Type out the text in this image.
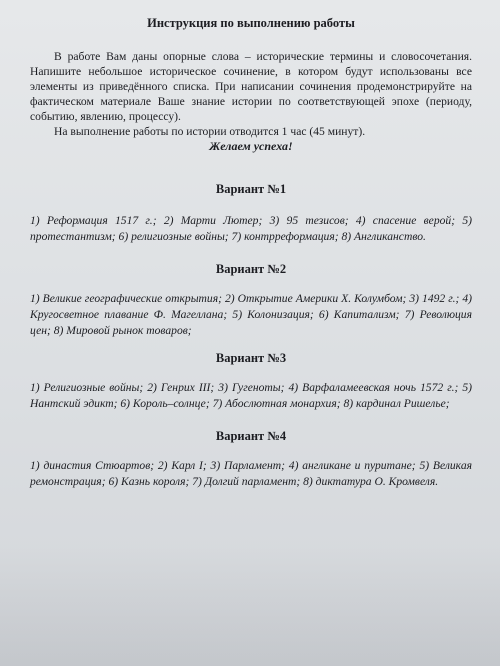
Инструкция по выполнению работы

В работе Вам даны опорные слова – исторические термины и словосочетания. Напишите небольшое историческое сочинение, в котором будут использованы все элементы из приведённого списка. При написании сочинения продемонстрируйте на фактическом материале Ваше знание истории по соответствующей эпохе (периоду, событию, явлению, процессу).

На выполнение работы по истории отводится 1 час (45 минут).

Желаем успеха!
Вариант №1

1) Реформация 1517 г.; 2) Марти Лютер; 3) 95 тезисов; 4) спасение верой; 5) протестантизм; 6) религиозные войны; 7) контрреформация; 8) Англиканство.

Вариант №2

1) Великие географические открытия; 2) Открытие Америки Х. Колумбом; 3) 1492 г.; 4) Кругосветное плавание Ф. Магеллана; 5) Колонизация; 6) Капитализм; 7) Революция цен; 8) Мировой рынок товаров;

Вариант №3

1) Религиозные войны; 2) Генрих III; 3) Гугеноты; 4) Варфаламеевская ночь 1572 г.; 5) Нантский эдикт; 6) Король–солнце; 7) Абослютная монархия; 8) кардинал Ришелье;

Вариант №4

1) династия Стюартов; 2) Карл I; 3) Парламент; 4) англикане и пуритане; 5) Великая ремонстрация; 6) Казнь короля; 7) Долгий парламент; 8) диктатура О. Кромвеля.
